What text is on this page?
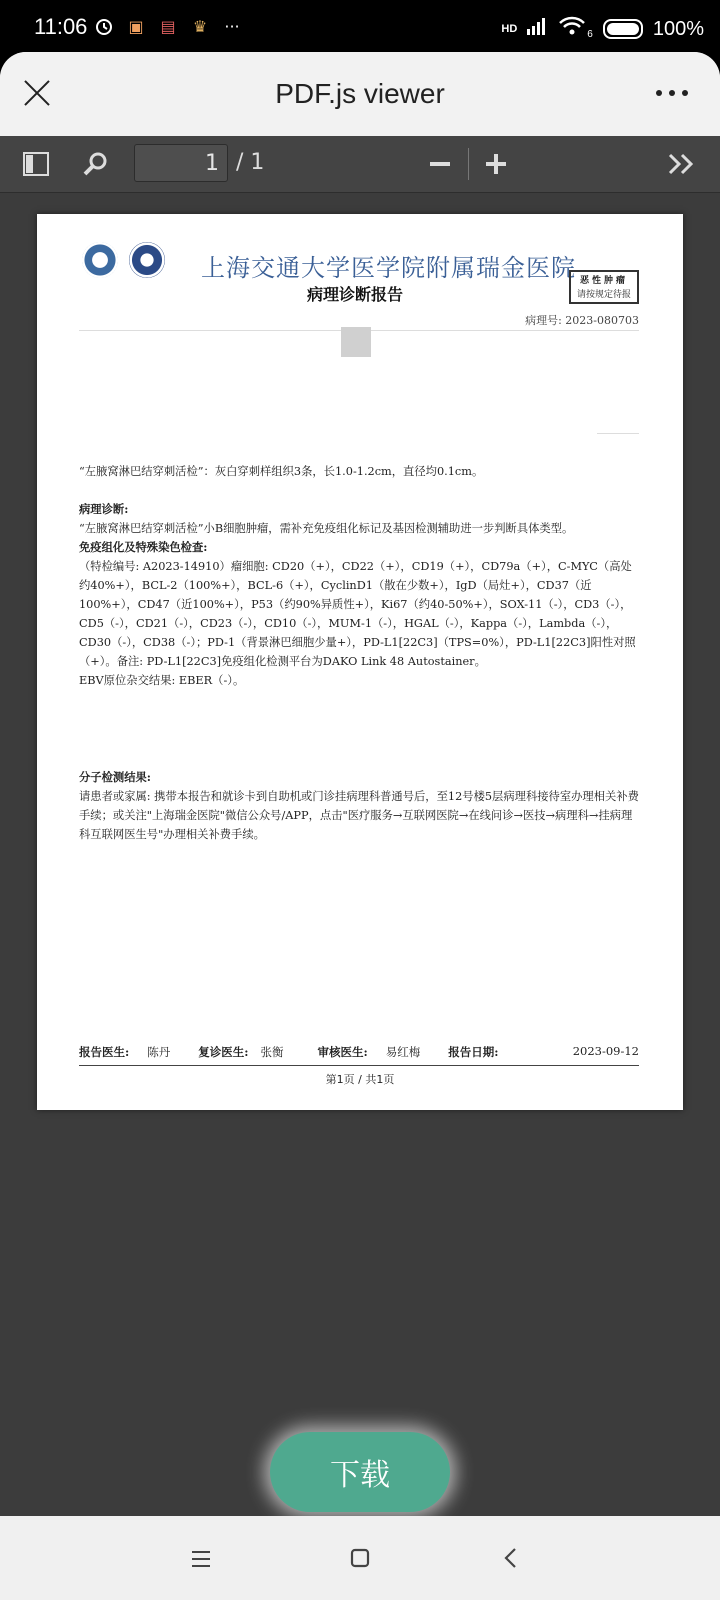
11:06	▣ ▤ ♛ ···	HD	6	100%
PDF.js viewer
1 / 1
上海交通大学医学院附属瑞金医院
病理诊断报告
恶性肿瘤
请按规定待报
病理号: 2023-080703

“左腋窝淋巴结穿刺活检”：灰白穿刺样组织3条，长1.0-1.2cm，直径均0.1cm。

病理诊断:

“左腋窝淋巴结穿刺活检”小B细胞肿瘤，需补充免疫组化标记及基因检测辅助进一步判断具体类型。

免疫组化及特殊染色检查:

（特检编号: A2023-14910）瘤细胞: CD20（+），CD22（+），CD19（+），CD79a（+），C-MYC（高处约40%+），BCL-2（100%+），BCL-6（+），CyclinD1（散在少数+），IgD（局灶+），CD37（近100%+），CD47（近100%+），P53（约90%异质性+），Ki67（约40-50%+），SOX-11（-），CD3（-），CD5（-），CD21（-），CD23（-），CD10（-），MUM-1（-），HGAL（-），Kappa（-），Lambda（-），CD30（-），CD38（-）；PD-1（背景淋巴细胞少量+），PD-L1[22C3]（TPS=0%），PD-L1[22C3]阳性对照（+）。备注: PD-L1[22C3]免疫组化检测平台为DAKO Link 48 Autostainer。

EBV原位杂交结果: EBER（-）。

分子检测结果:

请患者或家属: 携带本报告和就诊卡到自助机或门诊挂病理科普通号后，至12号楼5层病理科接待室办理相关补费手续；或关注"上海瑞金医院"微信公众号/APP，点击"医疗服务→互联网医院→在线问诊→医技→病理科→挂病理科互联网医生号"办理相关补费手续。

报告医生: 陈丹 复诊医生: 张衡	审核医生: 易红梅 报告日期:	2023-09-12
第1页 / 共1页
下载
